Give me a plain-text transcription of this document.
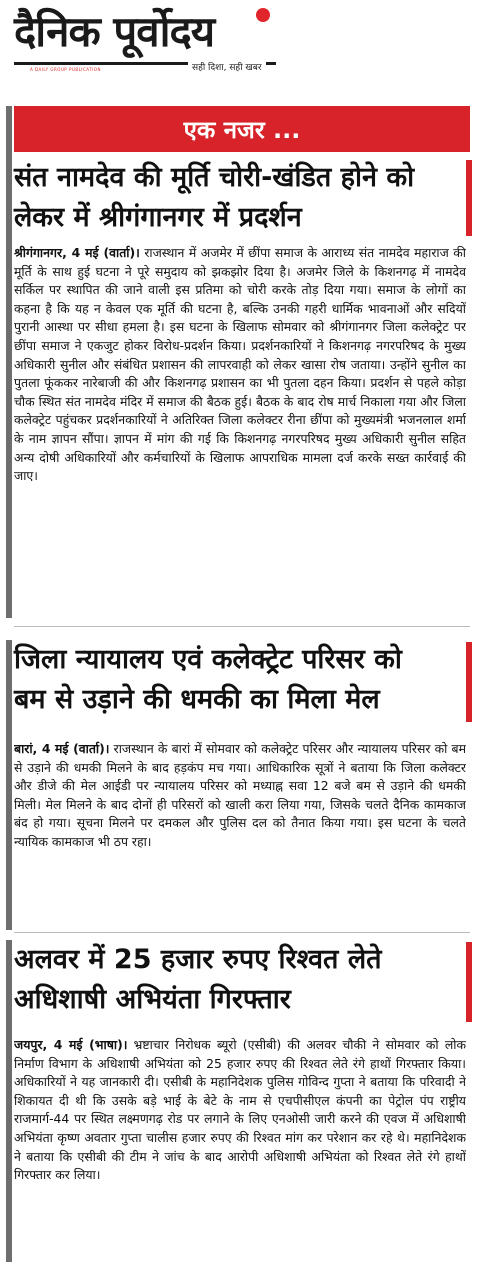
दैनिक पूर्वोदय
A DAILY GROUP PUBLICATION	सही दिशा, सही खबर
एक नजर ...
संत नामदेव की मूर्ति चोरी-खंडित होने को
लेकर में श्रीगंगानगर में प्रदर्शन
श्रीगंगानगर, 4 मई (वार्ता)। राजस्थान में अजमेर में छींपा समाज के आराध्य संत नामदेव महाराज की मूर्ति के साथ हुई घटना ने पूरे समुदाय को झकझोर दिया है। अजमेर जिले के किशनगढ़ में नामदेव सर्किल पर स्थापित की जाने वाली इस प्रतिमा को चोरी करके तोड़ दिया गया। समाज के लोगों का कहना है कि यह न केवल एक मूर्ति की घटना है, बल्कि उनकी गहरी धार्मिक भावनाओं और सदियों पुरानी आस्था पर सीधा हमला है। इस घटना के खिलाफ सोमवार को श्रीगंगानगर जिला कलेक्ट्रेट पर छींपा समाज ने एकजुट होकर विरोध-प्रदर्शन किया। प्रदर्शनकारियों ने किशनगढ़ नगरपरिषद के मुख्य अधिकारी सुनील और संबंधित प्रशासन की लापरवाही को लेकर खासा रोष जताया। उन्होंने सुनील का पुतला फूंककर नारेबाजी की और किशनगढ़ प्रशासन का भी पुतला दहन किया। प्रदर्शन से पहले कोड़ा चौक स्थित संत नामदेव मंदिर में समाज की बैठक हुई। बैठक के बाद रोष मार्च निकाला गया और जिला कलेक्ट्रेट पहुंचकर प्रदर्शनकारियों ने अतिरिक्त जिला कलेक्टर रीना छींपा को मुख्यमंत्री भजनलाल शर्मा के नाम ज्ञापन सौंपा। ज्ञापन में मांग की गई कि किशनगढ़ नगरपरिषद मुख्य अधिकारी सुनील सहित अन्य दोषी अधिकारियों और कर्मचारियों के खिलाफ आपराधिक मामला दर्ज करके सख्त कार्रवाई की जाए।
जिला न्यायालय एवं कलेक्ट्रेट परिसर को
बम से उड़ाने की धमकी का मिला मेल
बारां, 4 मई (वार्ता)। राजस्थान के बारां में सोमवार को कलेक्ट्रेट परिसर और न्यायालय परिसर को बम से उड़ाने की धमकी मिलने के बाद हड़कंप मच गया। आधिकारिक सूत्रों ने बताया कि जिला कलेक्टर और डीजे की मेल आईडी पर न्यायालय परिसर को मध्याह्न सवा 12 बजे बम से उड़ाने की धमकी मिली। मेल मिलने के बाद दोनों ही परिसरों को खाली करा लिया गया, जिसके चलते दैनिक कामकाज बंद हो गया। सूचना मिलने पर दमकल और पुलिस दल को तैनात किया गया। इस घटना के चलते न्यायिक कामकाज भी ठप रहा।
अलवर में 25 हजार रुपए रिश्वत लेते
अधिशाषी अभियंता गिरफ्तार
जयपुर, 4 मई (भाषा)। भ्रष्टाचार निरोधक ब्यूरो (एसीबी) की अलवर चौकी ने सोमवार को लोक निर्माण विभाग के अधिशाषी अभियंता को 25 हजार रुपए की रिश्वत लेते रंगे हाथों गिरफ्तार किया। अधिकारियों ने यह जानकारी दी। एसीबी के महानिदेशक पुलिस गोविन्द गुप्ता ने बताया कि परिवादी ने शिकायत दी थी कि उसके बड़े भाई के बेटे के नाम से एचपीसीएल कंपनी का पेट्रोल पंप राष्ट्रीय राजमार्ग-44 पर स्थित लक्ष्मणगढ़ रोड पर लगाने के लिए एनओसी जारी करने की एवज में अधिशाषी अभियंता कृष्ण अवतार गुप्ता चालीस हजार रुपए की रिश्वत मांग कर परेशान कर रहे थे। महानिदेशक ने बताया कि एसीबी की टीम ने जांच के बाद आरोपी अधिशाषी अभियंता को रिश्वत लेते रंगे हाथों गिरफ्तार कर लिया।
